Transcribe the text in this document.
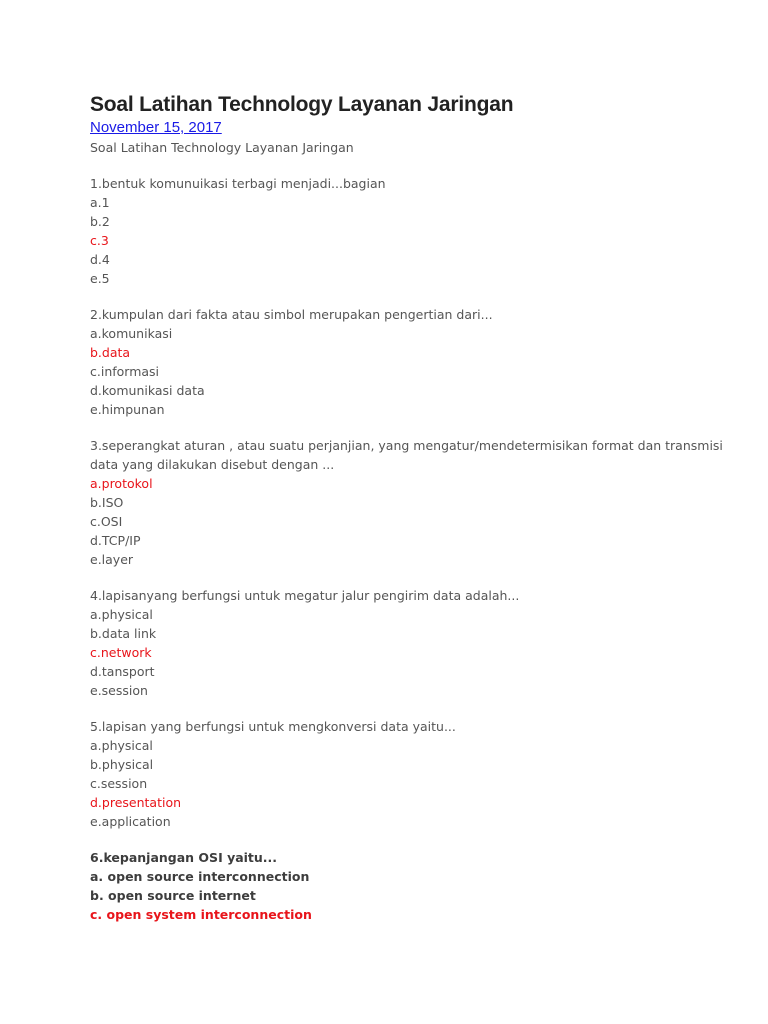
Soal Latihan Technology Layanan Jaringan
November 15, 2017
Soal Latihan Technology Layanan Jaringan
1.bentuk komunuikasi terbagi menjadi...bagian
a.1
b.2
c.3
d.4
e.5
2.kumpulan dari fakta atau simbol merupakan pengertian dari...
a.komunikasi
b.data
c.informasi
d.komunikasi data
e.himpunan
3.seperangkat aturan , atau suatu perjanjian, yang mengatur/mendetermisikan format dan transmisi data yang dilakukan disebut dengan ...
a.protokol
b.ISO
c.OSI
d.TCP/IP
e.layer
4.lapisanyang berfungsi untuk megatur jalur pengirim data adalah...
a.physical
b.data link
c.network
d.tansport
e.session
5.lapisan yang berfungsi untuk mengkonversi data yaitu...
a.physical
b.physical
c.session
d.presentation
e.application
6.kepanjangan OSI yaitu...
a. open source interconnection
b. open source internet
c. open system interconnection
